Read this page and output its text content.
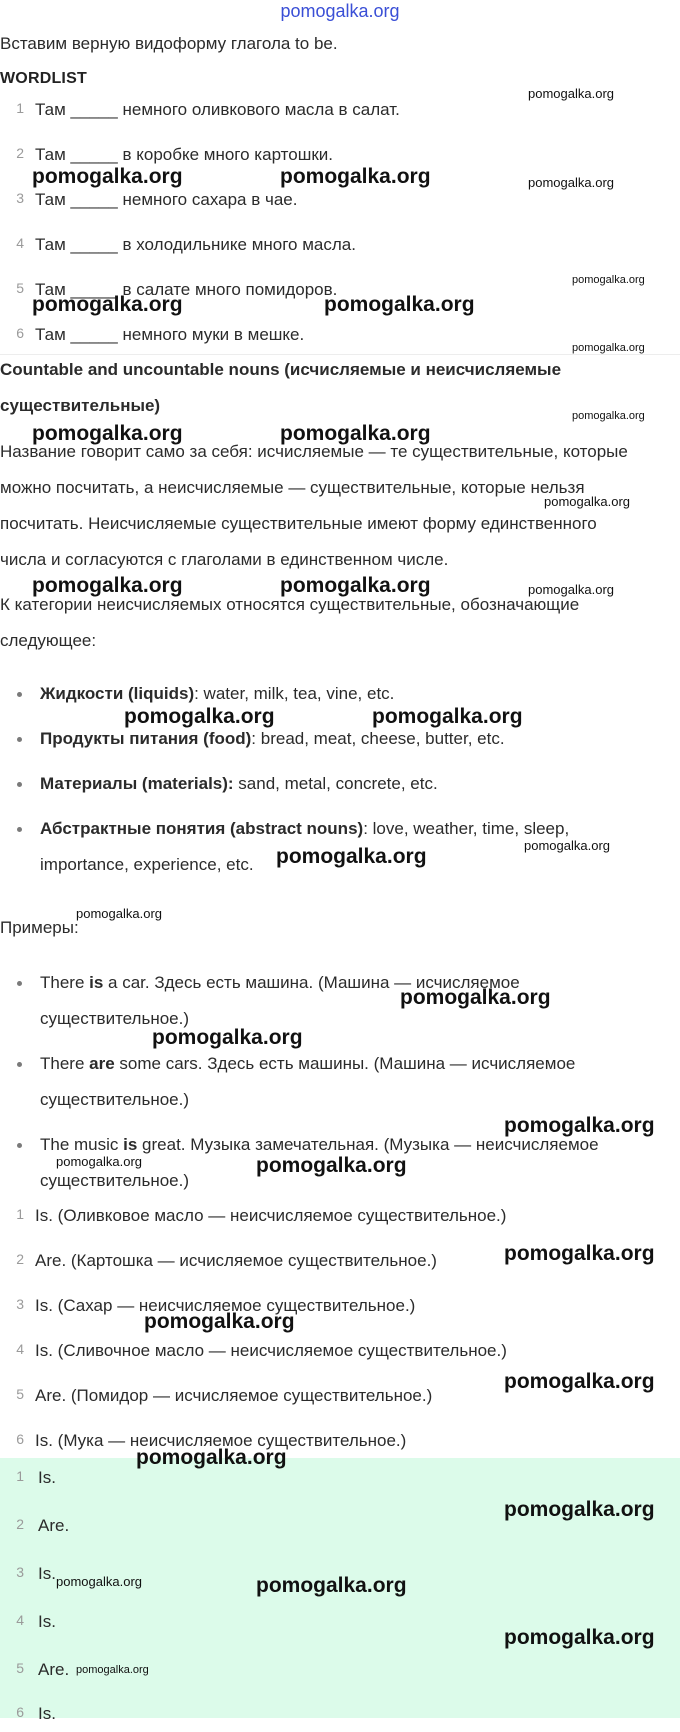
pomogalka.org
Вставим верную видоформу глагола to be.
WORDLIST
1 Там _____ немного оливкового масла в салат.
2 Там _____ в коробке много картошки.
3 Там _____ немного сахара в чае.
4 Там _____ в холодильнике много масла.
5 Там _____ в салате много помидоров.
6 Там _____ немного муки в мешке.
Countable and uncountable nouns (исчисляемые и неисчисляемые
существительные)
Название говорит само за себя: исчисляемые — те существительные, которые
можно посчитать, а неисчисляемые — существительные, которые нельзя
посчитать. Неисчисляемые существительные имеют форму единственного
числа и согласуются с глаголами в единственном числе.
К категории неисчисляемых относятся существительные, обозначающие
следующее:
Жидкости (liquids): water, milk, tea, vine, etc.
Продукты питания (food): bread, meat, cheese, butter, etc.
Материалы (materials): sand, metal, concrete, etc.
Абстрактные понятия (abstract nouns): love, weather, time, sleep,
importance, experience, etc.
Примеры:
There is a car. Здесь есть машина. (Машина — исчисляемое
существительное.)
There are some cars. Здесь есть машины. (Машина — исчисляемое
существительное.)
The music is great. Музыка замечательная. (Музыка — неисчисляемое
существительное.)
1 Is. (Оливковое масло — неисчисляемое существительное.)
2 Are. (Картошка — исчисляемое существительное.)
3 Is. (Сахар — неисчисляемое существительное.)
4 Is. (Сливочное масло — неисчисляемое существительное.)
5 Are. (Помидор — исчисляемое существительное.)
6 Is. (Мука — неисчисляемое существительное.)
1 Is.
2 Are.
3 Is.
4 Is.
5 Are.
6 Is.
pomogalka.org
pomogalka.org	pomogalka.org	pomogalka.org
pomogalka.org
pomogalka.org	pomogalka.org
pomogalka.org
pomogalka.org
pomogalka.org	pomogalka.org
pomogalka.org
pomogalka.org	pomogalka.org	pomogalka.org
pomogalka.org	pomogalka.org
pomogalka.org
pomogalka.org
pomogalka.org
pomogalka.org
pomogalka.org
pomogalka.org
pomogalka.org	pomogalka.org
pomogalka.org
pomogalka.org
pomogalka.org
pomogalka.org
pomogalka.org
pomogalka.org	pomogalka.org
pomogalka.org
pomogalka.org
